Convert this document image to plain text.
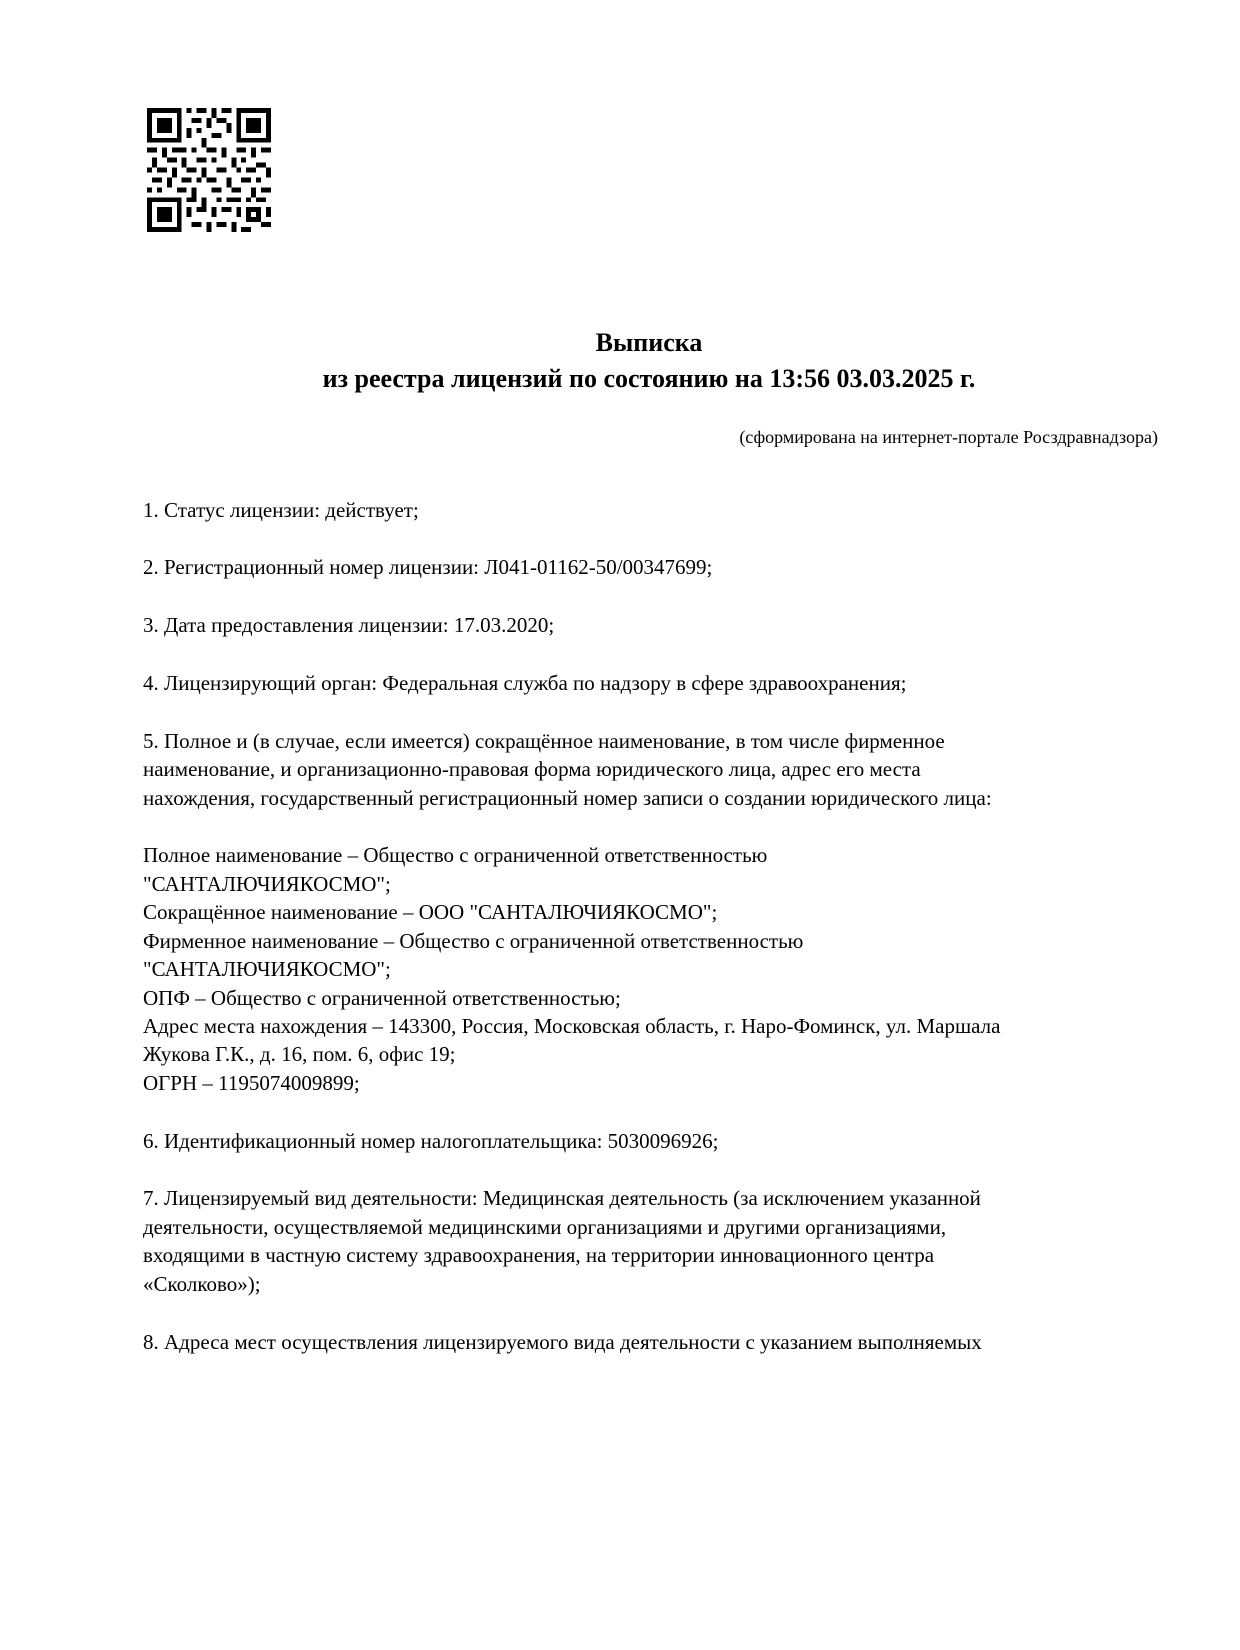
Выписка
из реестра лицензий по состоянию на 13:56 03.03.2025 г.
(сформирована на интернет-портале Росздравнадзора)
1. Статус лицензии: действует;
2. Регистрационный номер лицензии: Л041-01162-50/00347699;
3. Дата предоставления лицензии: 17.03.2020;
4. Лицензирующий орган: Федеральная служба по надзору в сфере здравоохранения;
5. Полное и (в случае, если имеется) сокращённое наименование, в том числе фирменное
наименование, и организационно-правовая форма юридического лица, адрес его места
нахождения, государственный регистрационный номер записи о создании юридического лица:
Полное наименование – Общество с ограниченной ответственностью
"САНТАЛЮЧИЯКОСМО";
Сокращённое наименование – ООО "САНТАЛЮЧИЯКОСМО";
Фирменное наименование – Общество с ограниченной ответственностью
"САНТАЛЮЧИЯКОСМО";
ОПФ – Общество с ограниченной ответственностью;
Адрес места нахождения – 143300, Россия, Московская область, г. Наро-Фоминск, ул. Маршала
Жукова Г.К., д. 16, пом. 6, офис 19;
ОГРН – 1195074009899;
6. Идентификационный номер налогоплательщика: 5030096926;
7. Лицензируемый вид деятельности: Медицинская деятельность (за исключением указанной
деятельности, осуществляемой медицинскими организациями и другими организациями,
входящими в частную систему здравоохранения, на территории инновационного центра
«Сколково»);
8. Адреса мест осуществления лицензируемого вида деятельности с указанием выполняемых
